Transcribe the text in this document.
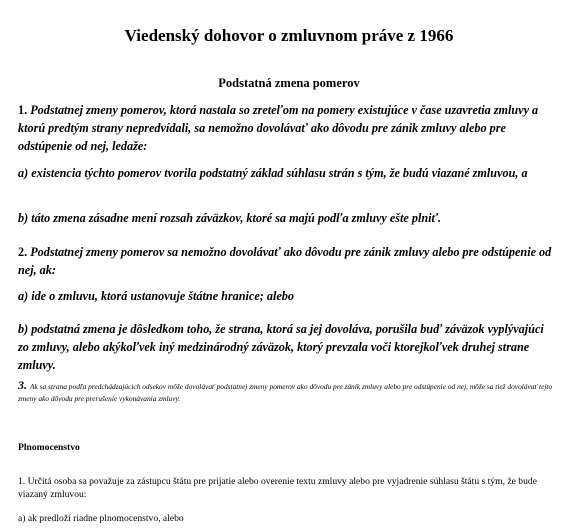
Viedenský dohovor o zmluvnom práve z 1966
Podstatná zmena pomerov

1. Podstatnej zmeny pomerov, ktorá nastala so zreteľom na pomery existujúce v čase uzavretia zmluvy a ktorú predtým strany nepredvídali, sa nemožno dovolávať ako dôvodu pre zánik zmluvy alebo pre odstúpenie od nej, ledaže:

a) existencia týchto pomerov tvorila podstatný základ súhlasu strán s tým, že budú viazané zmluvou, a

b) táto zmena zásadne mení rozsah záväzkov, ktoré sa majú podľa zmluvy ešte plniť.

2. Podstatnej zmeny pomerov sa nemožno dovolávať ako dôvodu pre zánik zmluvy alebo pre odstúpenie od nej, ak:

a) ide o zmluvu, ktorá ustanovuje štátne hranice; alebo

b) podstatná zmena je dôsledkom toho, že strana, ktorá sa jej dovoláva, porušila buď záväzok vyplývajúci zo zmluvy, alebo akýkoľvek iný medzinárodný záväzok, ktorý prevzala voči ktorejkoľvek druhej strane zmluvy.

3. Ak sa strana podľa predchádzajúcich odsekov môže dovolávať podstatnej zmeny pomerov ako dôvodu pre zánik zmluvy alebo pre odstúpenie od nej, môže sa tiež dovolávať tejto zmeny ako dôvodu pre prerušenie vykonávania zmluvy.

Plnomocenstvo

1. Určitá osoba sa považuje za zástupcu štátu pre prijatie alebo overenie textu zmluvy alebo pre vyjadrenie súhlasu štátu s tým, že bude viazaný zmluvou:

a) ak predloží riadne plnomocenstvo, alebo
